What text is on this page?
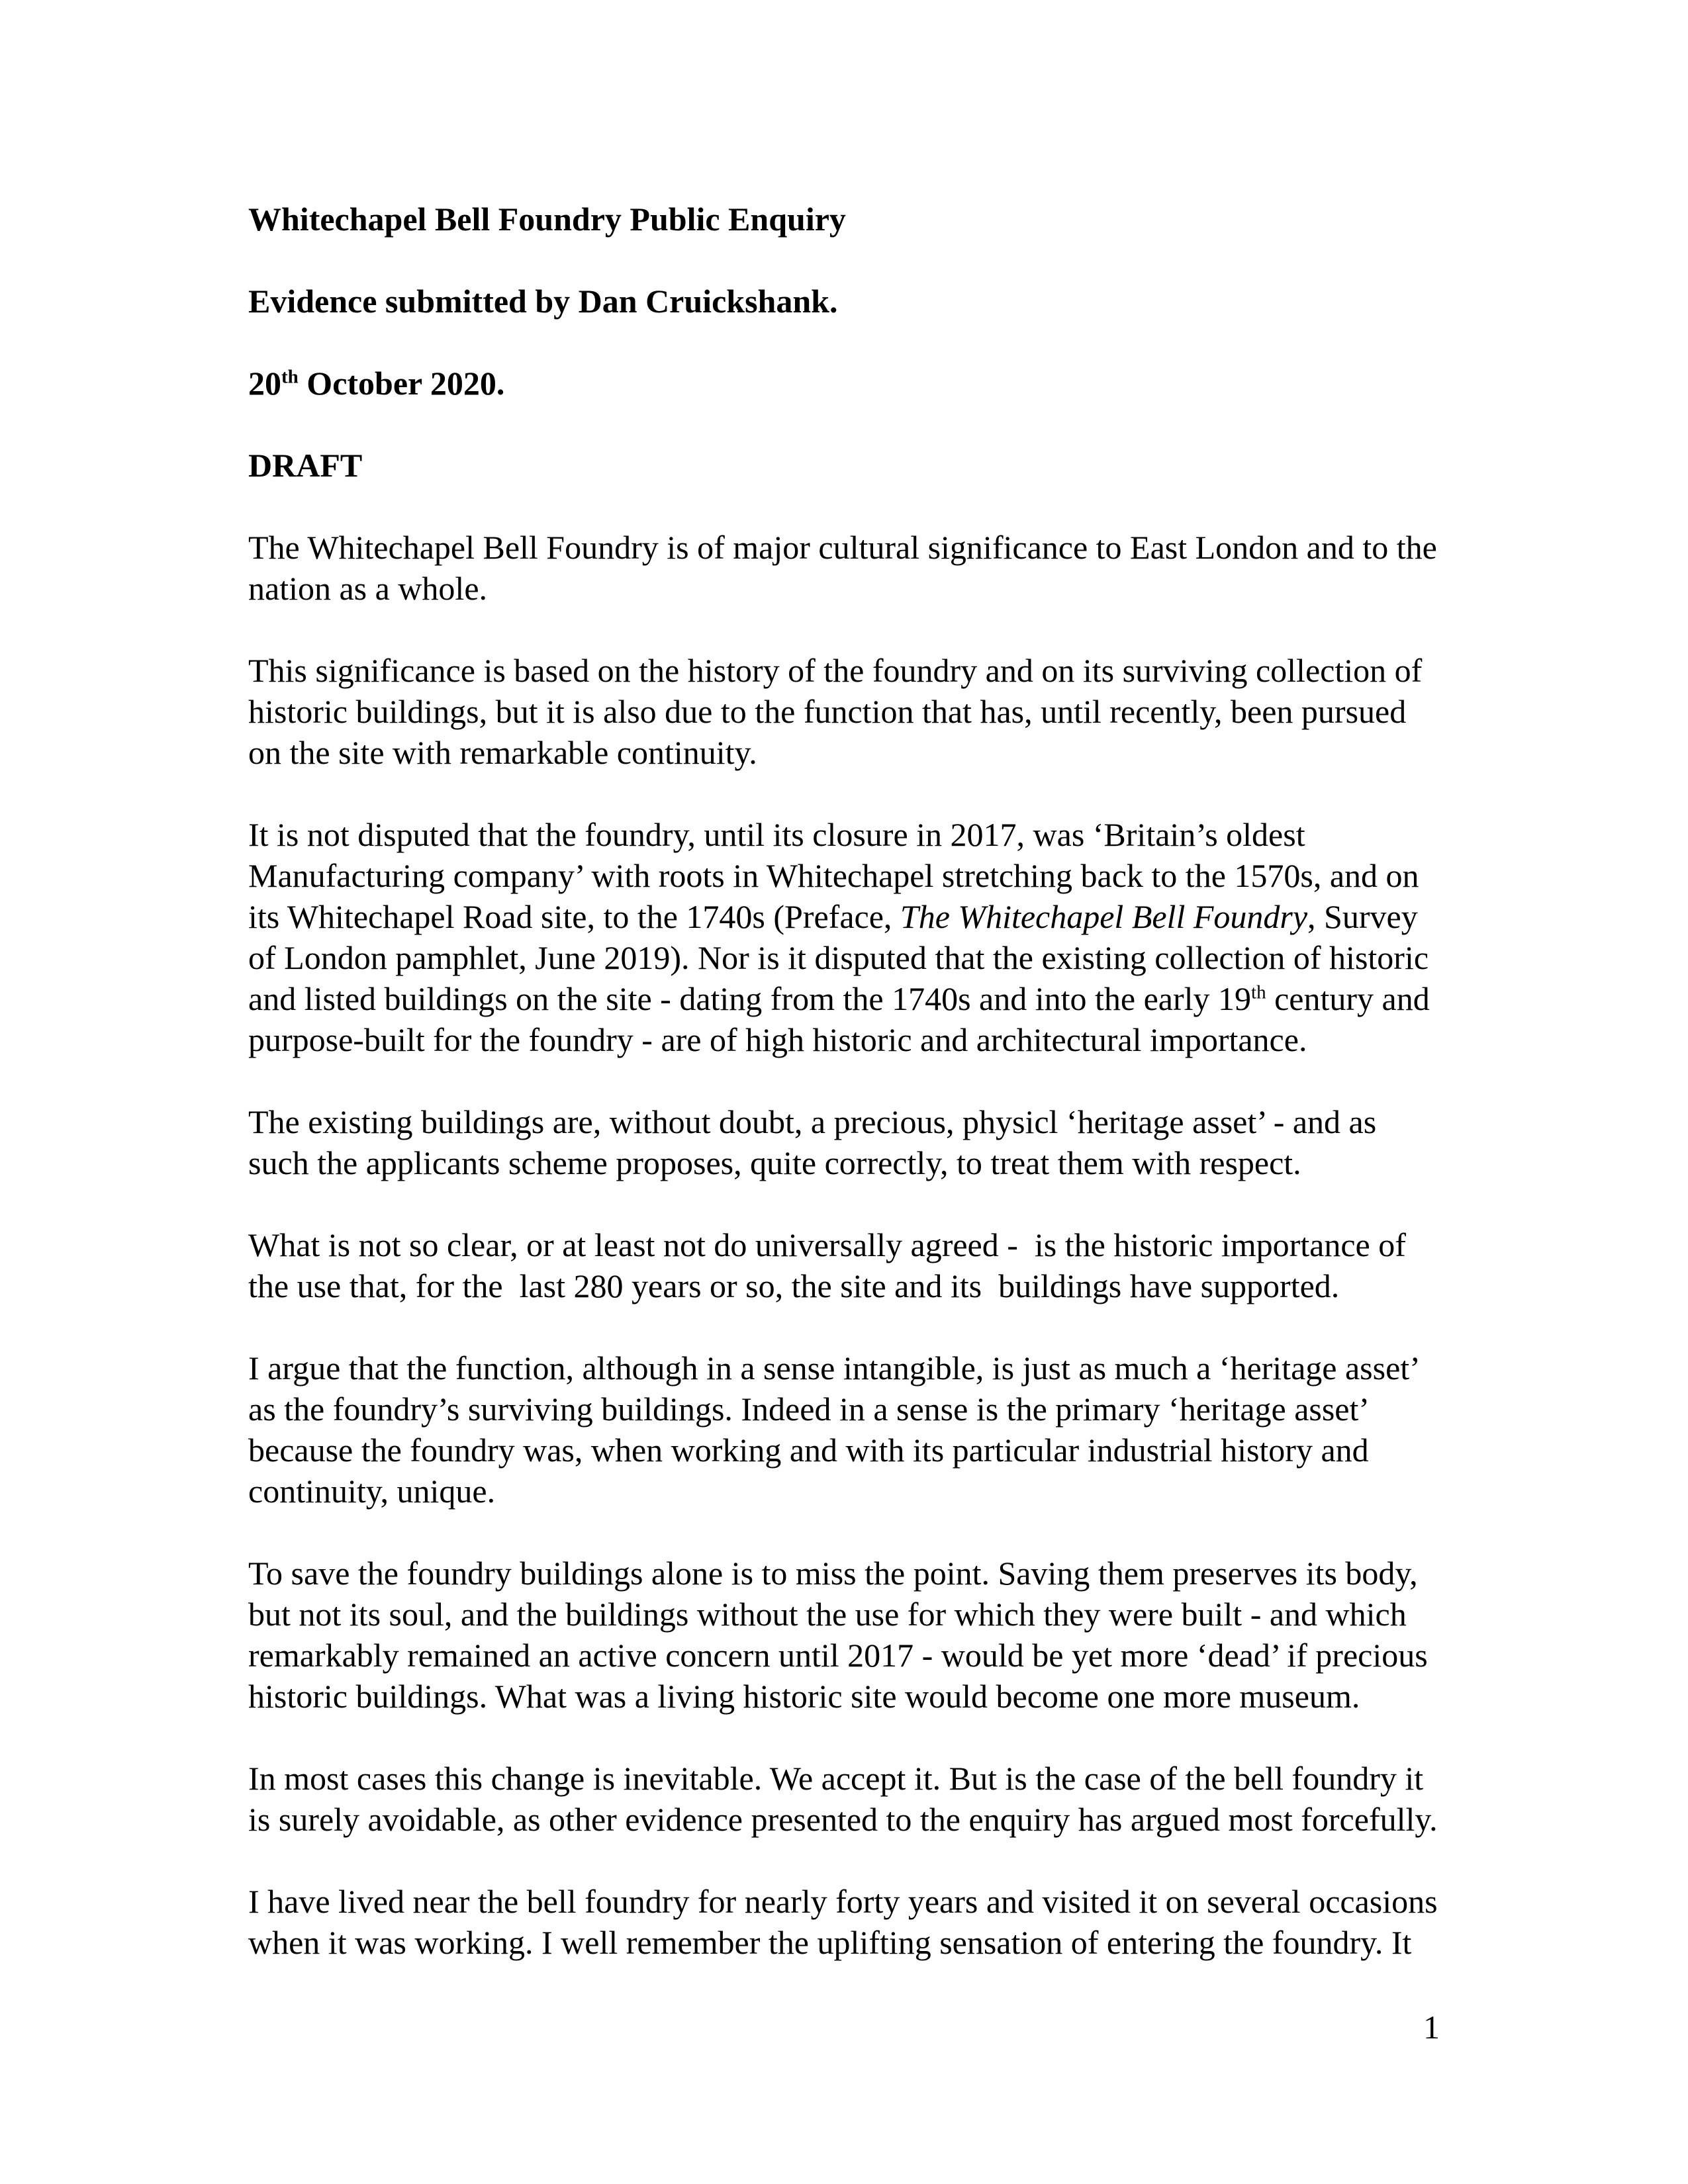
Whitechapel Bell Foundry Public Enquiry

Evidence submitted by Dan Cruickshank.

20th October 2020.

DRAFT

The Whitechapel Bell Foundry is of major cultural significance to East London and to the nation as a whole.

This significance is based on the history of the foundry and on its surviving collection of historic buildings, but it is also due to the function that has, until recently, been pursued on the site with remarkable continuity.

It is not disputed that the foundry, until its closure in 2017, was ‘Britain’s oldest Manufacturing company’ with roots in Whitechapel stretching back to the 1570s, and on its Whitechapel Road site, to the 1740s (Preface, The Whitechapel Bell Foundry, Survey of London pamphlet, June 2019). Nor is it disputed that the existing collection of historic and listed buildings on the site - dating from the 1740s and into the early 19th century and purpose-built for the foundry - are of high historic and architectural importance.

The existing buildings are, without doubt, a precious, physicl ‘heritage asset’ - and as such the applicants scheme proposes, quite correctly, to treat them with respect.

What is not so clear, or at least not do universally agreed -  is the historic importance of the use that, for the  last 280 years or so, the site and its  buildings have supported.

I argue that the function, although in a sense intangible, is just as much a ‘heritage asset’ as the foundry’s surviving buildings. Indeed in a sense is the primary ‘heritage asset’ because the foundry was, when working and with its particular industrial history and continuity, unique.

To save the foundry buildings alone is to miss the point. Saving them preserves its body, but not its soul, and the buildings without the use for which they were built - and which remarkably remained an active concern until 2017 - would be yet more ‘dead’ if precious historic buildings. What was a living historic site would become one more museum.

In most cases this change is inevitable. We accept it. But is the case of the bell foundry it is surely avoidable, as other evidence presented to the enquiry has argued most forcefully.

I have lived near the bell foundry for nearly forty years and visited it on several occasions when it was working. I well remember the uplifting sensation of entering the foundry. It

1
